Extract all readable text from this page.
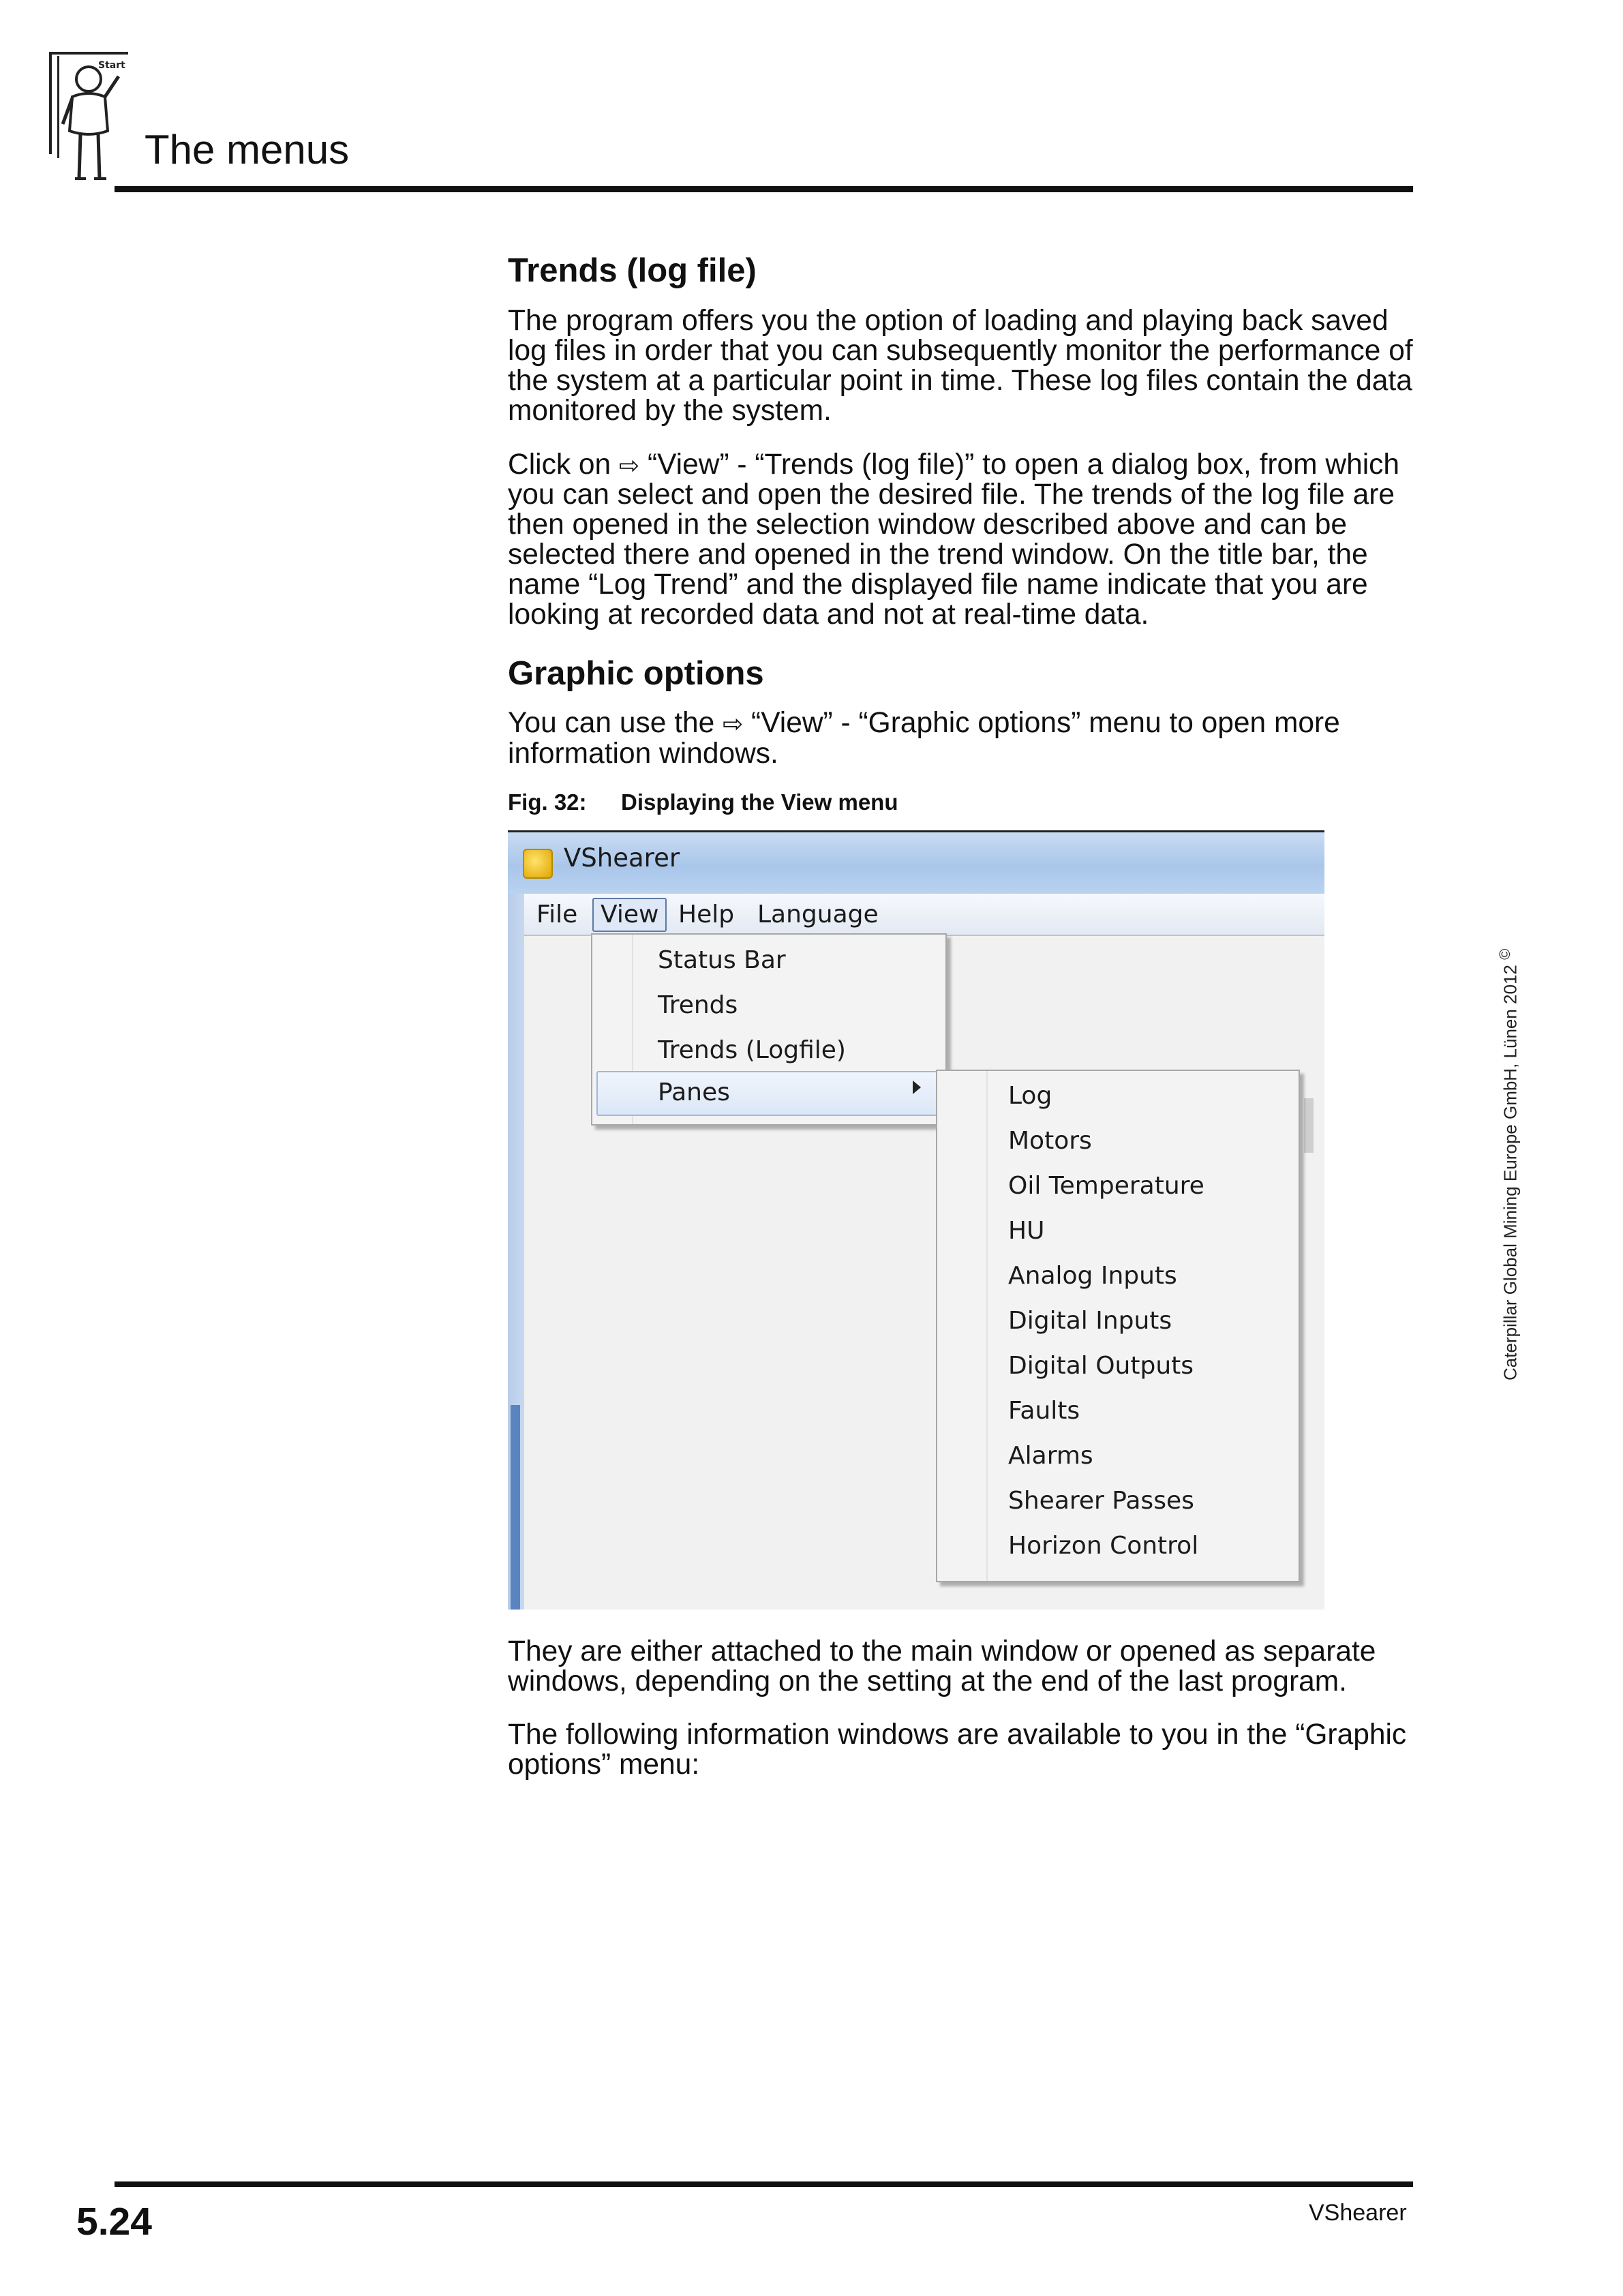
Start
The menus
Trends (log file)

The program offers you the option of loading and playing back saved log files in order that you can subsequently monitor the performance of the system at a particular point in time. These log files contain the data monitored by the system.

Click on ⇨ “View” - “Trends (log file)” to open a dialog box, from which you can select and open the desired file. The trends of the log file are then opened in the selection window described above and can be selected there and opened in the trend window. On the title bar, the name “Log Trend” and the displayed file name indicate that you are looking at recorded data and not at real-time data.

Graphic options

You can use the ⇨ “View” - “Graphic options” menu to open more information windows.

Fig. 32: Displaying the View menu
VShearer
File View Help Language
Status Bar
Trends
Trends (Logfile)
Panes	Log
Motors
Oil Temperature
HU
Analog Inputs
Digital Inputs
Digital Outputs
Faults
Alarms
Shearer Passes
Horizon Control

They are either attached to the main window or opened as separate windows, depending on the setting at the end of the last program.

The following information windows are available to you in the “Graphic options” menu:

Caterpillar Global Mining Europe GmbH, Lünen 2012 ©
5.24	VShearer
